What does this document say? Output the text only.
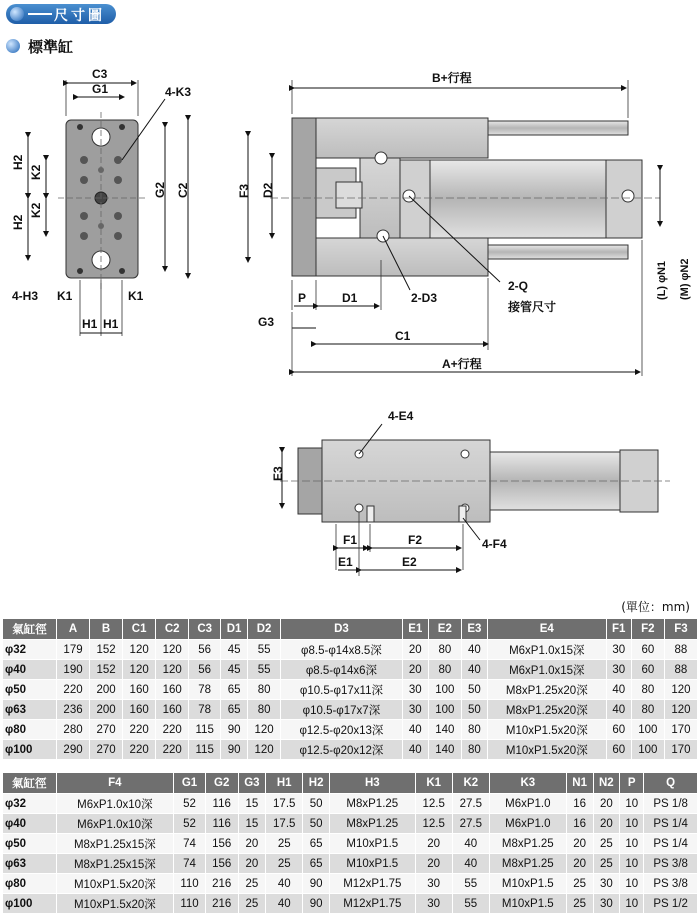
尺寸圖
標準缸
C3
G1	4-K3
H2
K2
K2
H2
G2 C2
4-H3 K1	K1
H1 H1
B+行程
F3 D2
2-Q
接管尺寸
P	D1	2-D3
G3
C1
A+行程
(L) φN1 (M) φN2
4-E4
E3
F1	F2	4-F4
E1	E2
(單位：mm)
氣缸徑	A	B	C1	C2	C3	D1	D2	D3	E1	E2	E3	E4	F1	F2	F3
φ32	179	152	120	120	56	45	55	φ8.5-φ14x8.5深	20	80	40	M6xP1.0x15深	30	60	88
φ40	190	152	120	120	56	45	55	φ8.5-φ14x6深	20	80	40	M6xP1.0x15深	30	60	88
φ50	220	200	160	160	78	65	80	φ10.5-φ17x11深	30	100	50	M8xP1.25x20深	40	80	120
φ63	236	200	160	160	78	65	80	φ10.5-φ17x7深	30	100	50	M8xP1.25x20深	40	80	120
φ80	280	270	220	220	115	90	120	φ12.5-φ20x13深	40	140	80	M10xP1.5x20深	60	100	170
φ100	290	270	220	220	115	90	120	φ12.5-φ20x12深	40	140	80	M10xP1.5x20深	60	100	170
氣缸徑	F4	G1	G2	G3	H1	H2	H3	K1	K2	K3	N1	N2	P	Q
φ32	M6xP1.0x10深	52	116	15	17.5	50	M8xP1.25	12.5	27.5	M6xP1.0	16	20	10	PS 1/8
φ40	M6xP1.0x10深	52	116	15	17.5	50	M8xP1.25	12.5	27.5	M6xP1.0	16	20	10	PS 1/4
φ50	M8xP1.25x15深	74	156	20	25	65	M10xP1.5	20	40	M8xP1.25	20	25	10	PS 1/4
φ63	M8xP1.25x15深	74	156	20	25	65	M10xP1.5	20	40	M8xP1.25	20	25	10	PS 3/8
φ80	M10xP1.5x20深	110	216	25	40	90	M12xP1.75	30	55	M10xP1.5	25	30	10	PS 3/8
φ100	M10xP1.5x20深	110	216	25	40	90	M12xP1.75	30	55	M10xP1.5	25	30	10	PS 1/2
